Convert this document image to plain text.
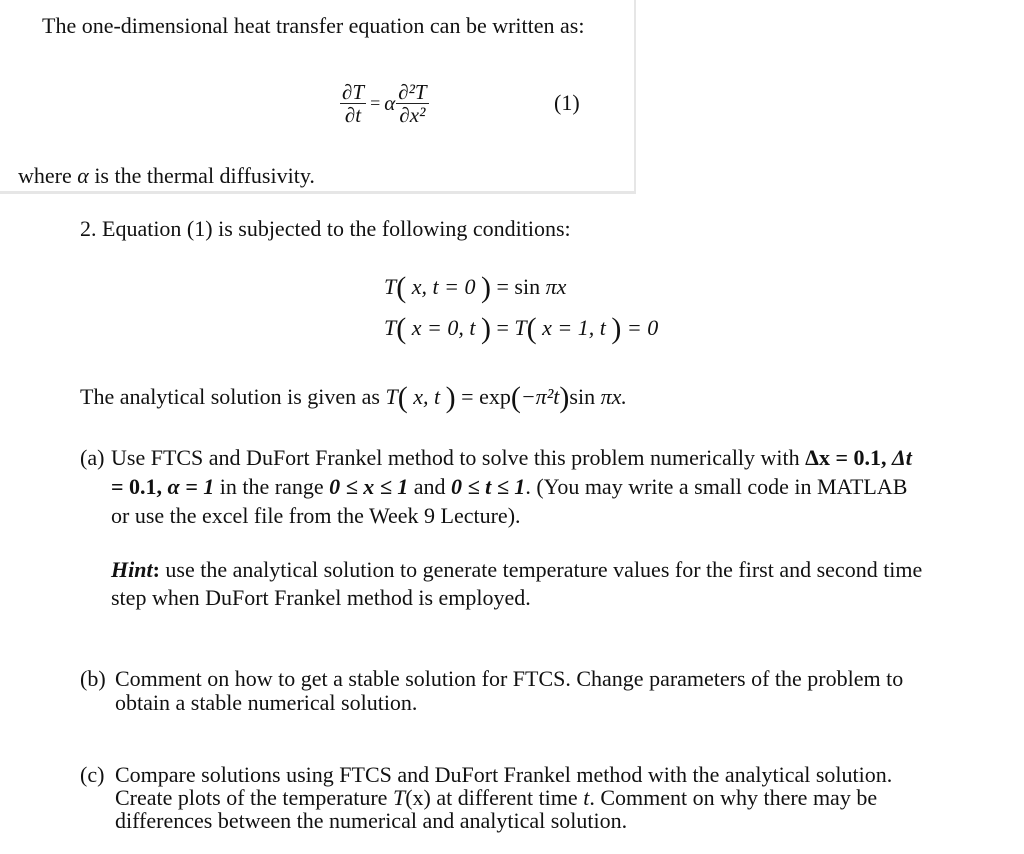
The one-dimensional heat transfer equation can be written as:
$\frac{\partial T}{\partial t} = \alpha \frac{\text{∂²T}}{\text{∂x²}}$	(1)
where α is the thermal diffusivity.
2. Equation (1) is subjected to the following conditions:
T( x, t = 0 ) = sin πx
T( x = 0, t ) = T( x = 1, t ) = 0
The analytical solution is given as T( x, t ) = exp(−π²t)sin πx.
(a) Use FTCS and DuFort Frankel method to solve this problem numerically with Δx = 0.1, Δt
= 0.1, α = 1 in the range 0 ≤ x ≤ 1 and 0 ≤ t ≤ 1. (You may write a small code in MATLAB
or use the excel file from the Week 9 Lecture).
Hint: use the analytical solution to generate temperature values for the first and second time
step when DuFort Frankel method is employed.
(b) Comment on how to get a stable solution for FTCS. Change parameters of the problem to
obtain a stable numerical solution.
(c) Compare solutions using FTCS and DuFort Frankel method with the analytical solution.
Create plots of the temperature T(x) at different time t. Comment on why there may be
differences between the numerical and analytical solution.
